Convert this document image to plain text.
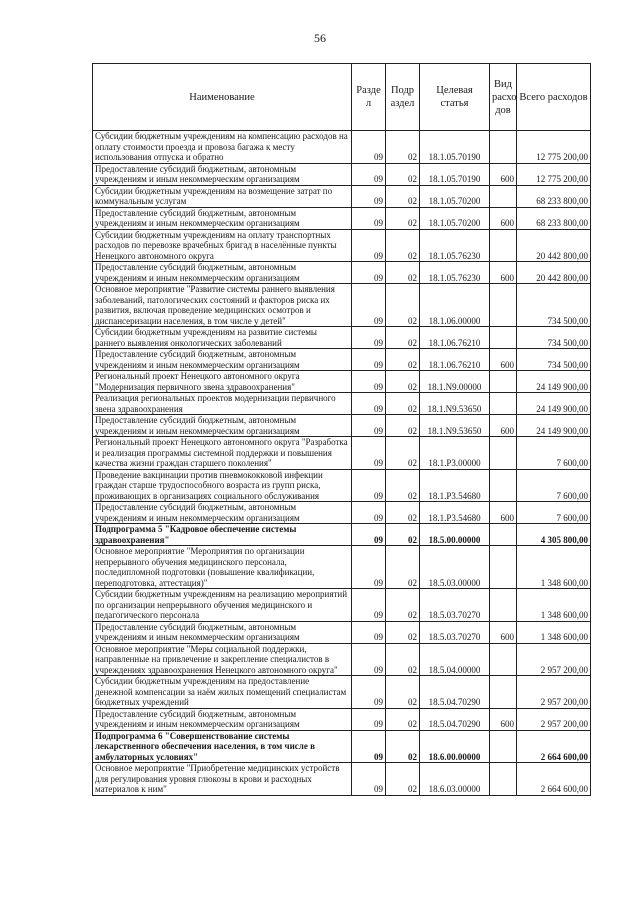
56
Наименование	Разде л	Подр аздел	Целевая статья	Вид расхо дов	Всего расходов
Субсидии бюджетным учреждениям на компенсацию расходов на оплату стоимости проезда и провоза багажа к месту использования отпуска и обратно	09	02	18.1.05.70190		12 775 200,00
Предоставление субсидий бюджетным, автономным учреждениям и иным некоммерческим организациям	09	02	18.1.05.70190	600	12 775 200,00
Субсидии бюджетным учреждениям на возмещение затрат по коммунальным услугам	09	02	18.1.05.70200		68 233 800,00
Предоставление субсидий бюджетным, автономным учреждениям и иным некоммерческим организациям	09	02	18.1.05.70200	600	68 233 800,00
Субсидии бюджетным учреждениям на оплату транспортных расходов по перевозке врачебных бригад в населённые пункты Ненецкого автономного округа	09	02	18.1.05.76230		20 442 800,00
Предоставление субсидий бюджетным, автономным учреждениям и иным некоммерческим организациям	09	02	18.1.05.76230	600	20 442 800,00
Основное мероприятие "Развитие системы раннего выявления заболеваний, патологических состояний и факторов риска их развития, включая проведение медицинских осмотров и диспансеризации населения, в том числе у детей"	09	02	18.1.06.00000		734 500,00
Субсидии бюджетным учреждениям на развитие системы раннего выявления онкологических заболеваний	09	02	18.1.06.76210		734 500,00
Предоставление субсидий бюджетным, автономным учреждениям и иным некоммерческим организациям	09	02	18.1.06.76210	600	734 500,00
Региональный проект Ненецкого автономного округа "Модернизация первичного звена здравоохранения"	09	02	18.1.N9.00000		24 149 900,00
Реализация региональных проектов модернизации первичного звена здравоохранения	09	02	18.1.N9.53650		24 149 900,00
Предоставление субсидий бюджетным, автономным учреждениям и иным некоммерческим организациям	09	02	18.1.N9.53650	600	24 149 900,00
Региональный проект Ненецкого автономного округа "Разработка и реализация программы системной поддержки и повышения качества жизни граждан старшего поколения"	09	02	18.1.P3.00000		7 600,00
Проведение вакцинации против пневмококковой инфекции граждан старше трудоспособного возраста из групп риска, проживающих в организациях социального обслуживания	09	02	18.1.P3.54680		7 600,00
Предоставление субсидий бюджетным, автономным учреждениям и иным некоммерческим организациям	09	02	18.1.P3.54680	600	7 600,00
Подпрограмма 5 "Кадровое обеспечение системы здравоохранения"	09	02	18.5.00.00000		4 305 800,00
Основное мероприятие "Мероприятия по организации непрерывного обучения медицинского персонала, последипломной подготовки (повышение квалификации, переподготовка, аттестация)"	09	02	18.5.03.00000		1 348 600,00
Субсидии бюджетным учреждениям на реализацию мероприятий по организации непрерывного обучения медицинского и педагогического персонала	09	02	18.5.03.70270		1 348 600,00
Предоставление субсидий бюджетным, автономным учреждениям и иным некоммерческим организациям	09	02	18.5.03.70270	600	1 348 600,00
Основное мероприятие "Меры социальной поддержки, направленные на привлечение и закрепление специалистов в учреждениях здравоохранения Ненецкого автономного округа"	09	02	18.5.04.00000		2 957 200,00
Субсидии бюджетным учреждениям на предоставление денежной компенсации за наём жилых помещений специалистам бюджетных учреждений	09	02	18.5.04.70290		2 957 200,00
Предоставление субсидий бюджетным, автономным учреждениям и иным некоммерческим организациям	09	02	18.5.04.70290	600	2 957 200,00
Подпрограмма 6 "Совершенствование системы лекарственного обеспечения населения, в том числе в амбулаторных условиях"	09	02	18.6.00.00000		2 664 600,00
Основное мероприятие "Приобретение медицинских устройств для регулирования уровня глюкозы в крови и расходных материалов к ним"	09	02	18.6.03.00000		2 664 600,00
